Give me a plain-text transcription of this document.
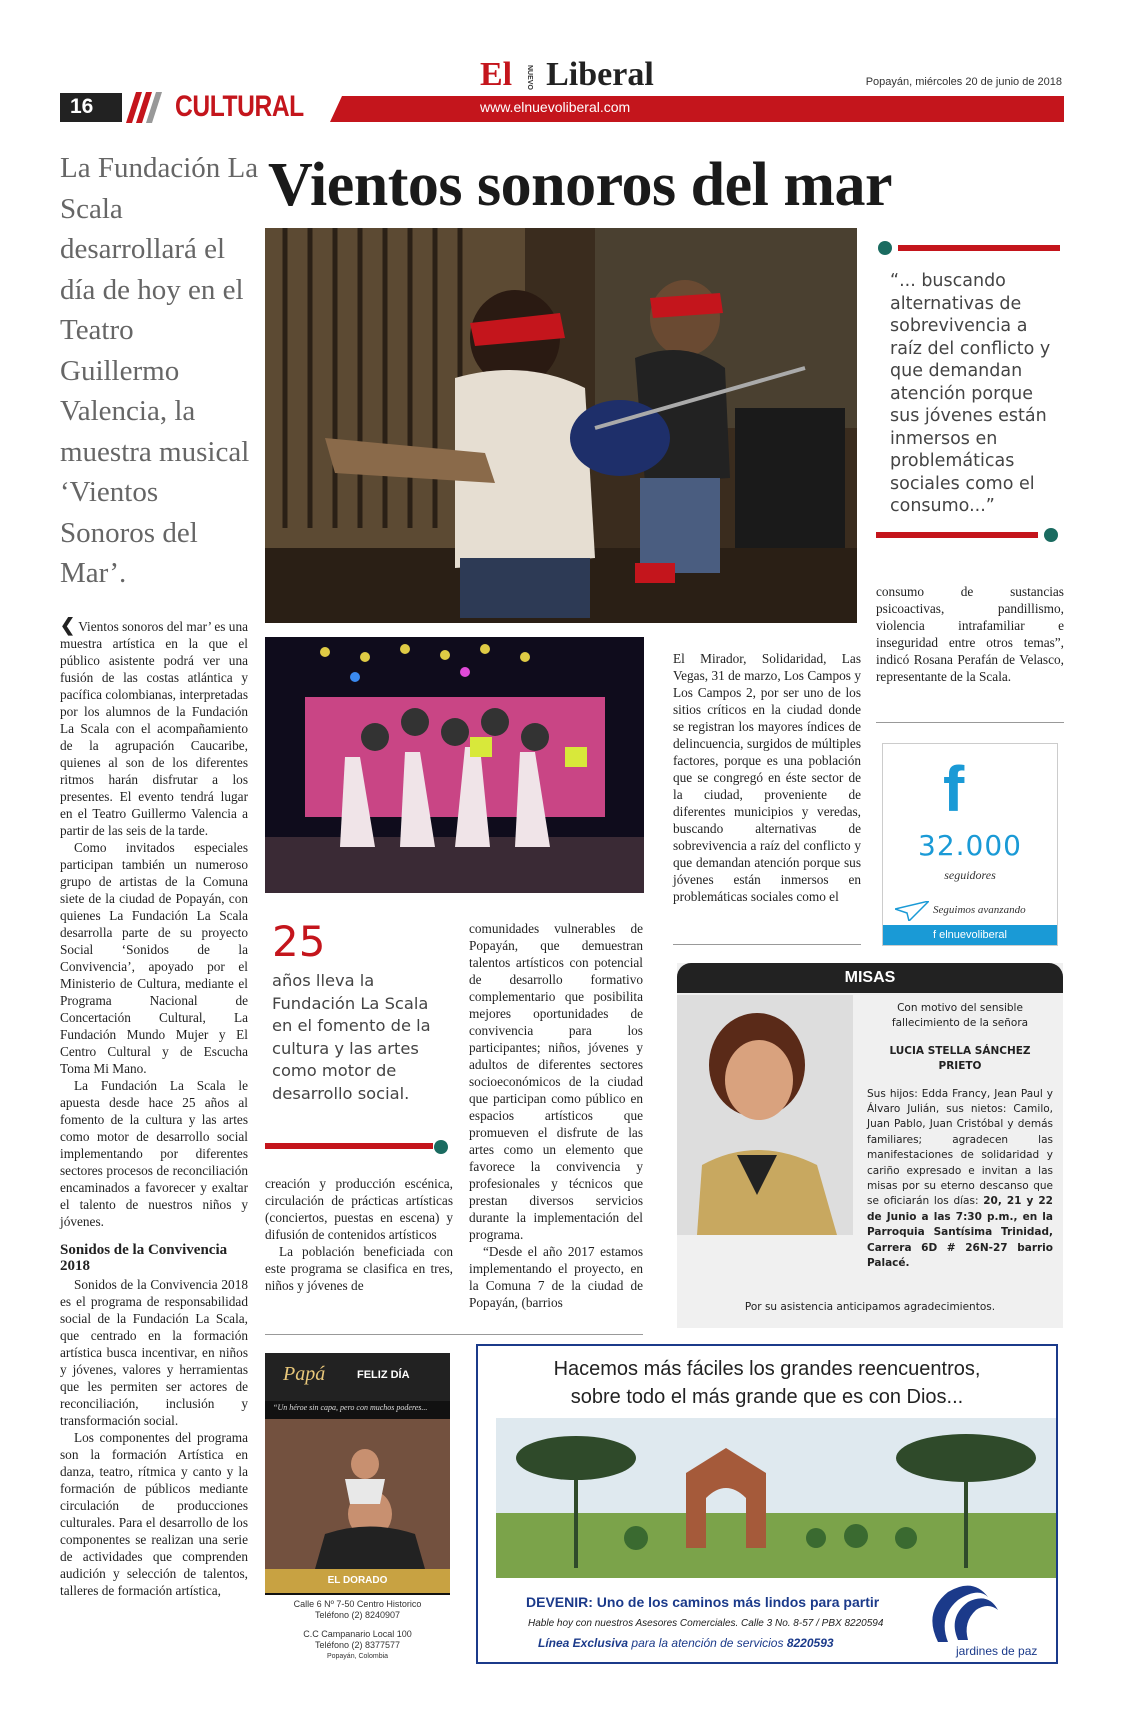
El NUEVO Liberal	Popayán, miércoles 20 de junio de 2018
www.elnuevoliberal.com
16	CULTURAL
Vientos sonoros del mar
La Fundación La Scala desarrollará el día de hoy en el Teatro Guillermo Valencia, la muestra musical ‘Vientos Sonoros del Mar’.
“... buscando alternativas de sobrevivencia a raíz del conflicto y que demandan atención porque sus jóvenes están inmersos en problemáticas sociales como el consumo...”

consumo de sustancias psicoactivas, pandillismo, violencia intrafamiliar e inseguridad entre otros temas”, indicó Rosana Perafán de Velasco, representante de la Scala.

f
32.000
seguidores
Seguimos avanzando
f elnuevoliberal

❮ Vientos sonoros del mar’ es una muestra artística en la que el público asistente podrá ver una fusión de las costas atlántica y pacífica colombianas, interpretadas por los alumnos de la Fundación La Scala con el acompañamiento de la agrupación Caucaribe, quienes al son de los diferentes ritmos harán disfrutar a los presentes. El evento tendrá lugar en el Teatro Guillermo Valencia a partir de las seis de la tarde.

Como invitados especiales participan también un numeroso grupo de artistas de la Comuna siete de la ciudad de Popayán, con quienes La Fundación La Scala desarrolla parte de su proyecto Social ‘Sonidos de la Convivencia’, apoyado por el Ministerio de Cultura, mediante el Programa Nacional de Concertación Cultural, La Fundación Mundo Mujer y El Centro Cultural y de Escucha Toma Mi Mano.

La Fundación La Scala le apuesta desde hace 25 años al fomento de la cultura y las artes como motor de desarrollo social implementando por diferentes sectores procesos de reconciliación encaminados a favorecer y exaltar el talento de nuestros niños y jóvenes.

Sonidos de la Convivencia 2018

Sonidos de la Convivencia 2018 es el programa de responsabilidad social de la Fundación La Scala, que centrado en la formación artística busca incentivar, en niños y jóvenes, valores y herramientas que les permiten ser actores de reconciliación, inclusión y transformación social.

Los componentes del programa son la formación Artística en danza, teatro, rítmica y canto y la formación de públicos mediante circulación de producciones culturales. Para el desarrollo de los componentes se realizan una serie de actividades que comprenden audición y selección de talentos, talleres de formación artística,

25
años lleva la Fundación La Scala en el fomento de la cultura y las artes como motor de desarrollo social.

creación y producción escénica, circulación de prácticas artísticas (conciertos, puestas en escena) y difusión de contenidos artísticos

La población beneficiada con este programa se clasifica en tres, niños y jóvenes de

comunidades vulnerables de Popayán, que demuestran talentos artísticos con potencial de desarrollo formativo complementario que posibilita mejores oportunidades de convivencia para los participantes; niños, jóvenes y adultos de diferentes sectores socioeconómicos de la ciudad que participan como público en espacios artísticos que promueven el disfrute de las artes como un elemento que favorece la convivencia y profesionales y técnicos que prestan diversos servicios durante la implementación del programa.

“Desde el año 2017 estamos implementando el proyecto, en la Comuna 7 de la ciudad de Popayán, (barrios

El Mirador, Solidaridad, Las Vegas, 31 de marzo, Los Campos y Los Campos 2, por ser uno de los sitios críticos en la ciudad donde se registran los mayores índices de delincuencia, surgidos de múltiples factores, porque es una población que se congregó en éste sector de la ciudad, proveniente de diferentes municipios y veredas, buscando alternativas de sobrevivencia a raíz del conflicto y que demandan atención porque sus jóvenes están inmersos en problemáticas sociales como el

MISAS
Con motivo del sensible fallecimiento de la señora
LUCIA STELLA SÁNCHEZ PRIETO
Sus hijos: Edda Francy, Jean Paul y Álvaro Julián, sus nietos: Camilo, Juan Pablo, Juan Cristóbal y demás familiares; agradecen las manifestaciones de solidaridad y cariño expresado e invitan a las misas por su eterno descanso que se oficiarán los días: 20, 21 y 22 de Junio a las 7:30 p.m., en la Parroquia Santísima Trinidad, Carrera 6D # 26N-27 barrio Palacé.
Por su asistencia anticipamos agradecimientos.
Papá	FELIZ DÍA
“Un héroe sin capa, pero con muchos poderes...
EL DORADO
Calle 6 Nº 7-50 Centro Historico
Teléfono (2) 8240907
C.C Campanario Local 100
Teléfono (2) 8377577
Popayán, Colombia
Hacemos más fáciles los grandes reencuentros,
sobre todo el más grande que es con Dios...
DEVENIR: Uno de los caminos más lindos para partir
Hable hoy con nuestros Asesores Comerciales. Calle 3 No. 8-57 / PBX 8220594
Línea Exclusiva para la atención de servicios 8220593
jardines de paz
